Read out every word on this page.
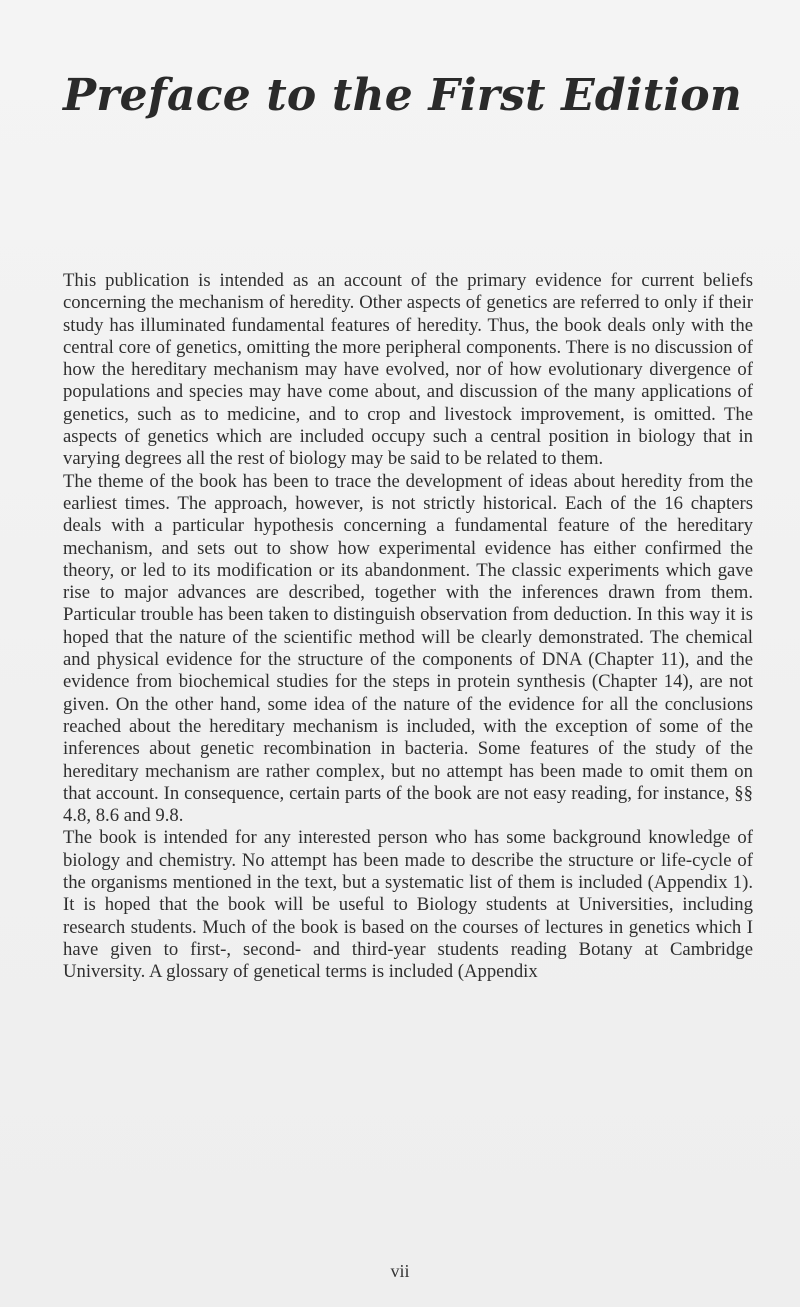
Preface to the First Edition

This publication is intended as an account of the primary evidence for current beliefs concerning the mechanism of heredity. Other aspects of genetics are referred to only if their study has illuminated fundamental features of heredity. Thus, the book deals only with the central core of genetics, omitting the more peripheral components. There is no discussion of how the hereditary mechanism may have evolved, nor of how evolutionary divergence of populations and species may have come about, and discussion of the many applications of genetics, such as to medicine, and to crop and livestock improvement, is omitted. The aspects of genetics which are included occupy such a central position in biology that in varying degrees all the rest of biology may be said to be related to them.

The theme of the book has been to trace the development of ideas about heredity from the earliest times. The approach, however, is not strictly historical. Each of the 16 chapters deals with a particular hypothesis concerning a fundamental feature of the hereditary mechanism, and sets out to show how experimental evidence has either confirmed the theory, or led to its modification or its abandonment. The classic experiments which gave rise to major advances are described, together with the inferences drawn from them. Particular trouble has been taken to distinguish observation from deduction. In this way it is hoped that the nature of the scientific method will be clearly demonstrated. The chemical and physical evidence for the structure of the components of DNA (Chapter 11), and the evidence from biochemical studies for the steps in protein synthesis (Chapter 14), are not given. On the other hand, some idea of the nature of the evidence for all the conclusions reached about the hereditary mechanism is included, with the exception of some of the inferences about genetic recombination in bacteria. Some features of the study of the hereditary mechanism are rather complex, but no attempt has been made to omit them on that account. In consequence, certain parts of the book are not easy reading, for instance, §§ 4.8, 8.6 and 9.8.

The book is intended for any interested person who has some background knowledge of biology and chemistry. No attempt has been made to describe the structure or life-cycle of the organisms mentioned in the text, but a systematic list of them is included (Appendix 1). It is hoped that the book will be useful to Biology students at Universities, including research students. Much of the book is based on the courses of lectures in genetics which I have given to first-, second- and third-year students reading Botany at Cambridge University. A glossary of genetical terms is included (Appendix

vii
